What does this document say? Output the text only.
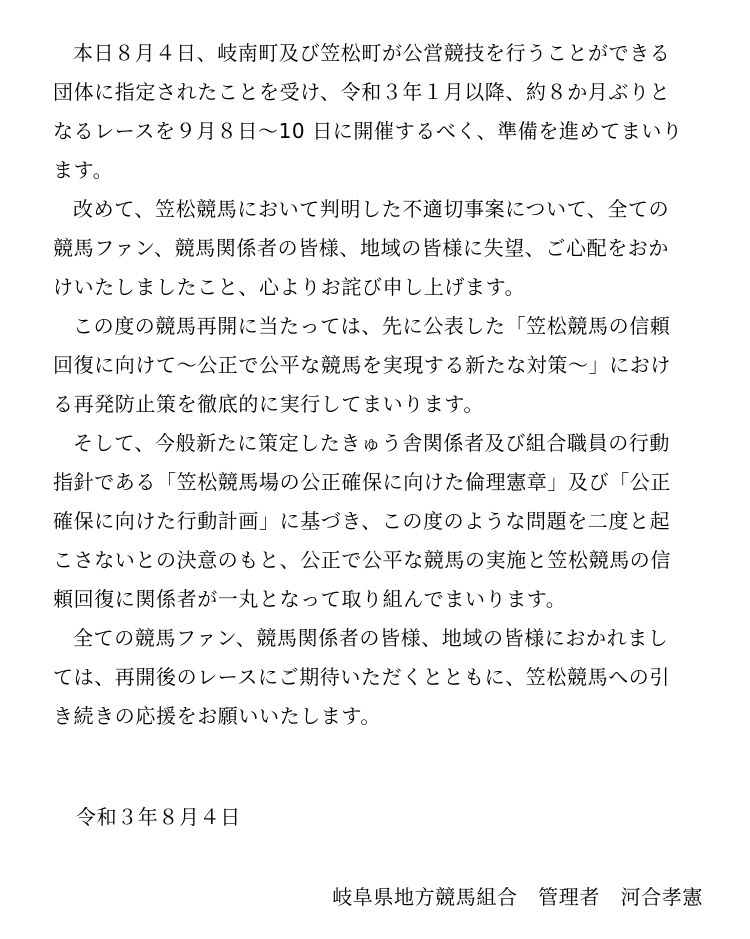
本日８月４日、岐南町及び笠松町が公営競技を行うことができる
団体に指定されたことを受け、令和３年１月以降、約８か月ぶりと
なるレースを９月８日～10 日に開催するべく、準備を進めてまいり
ます。

改めて、笠松競馬において判明した不適切事案について、全ての
競馬ファン、競馬関係者の皆様、地域の皆様に失望、ご心配をおか
けいたしましたこと、心よりお詫び申し上げます。

この度の競馬再開に当たっては、先に公表した「笠松競馬の信頼
回復に向けて～公正で公平な競馬を実現する新たな対策～」におけ
る再発防止策を徹底的に実行してまいります。

そして、今般新たに策定したきゅう舎関係者及び組合職員の行動
指針である「笠松競馬場の公正確保に向けた倫理憲章」及び「公正
確保に向けた行動計画」に基づき、この度のような問題を二度と起
こさないとの決意のもと、公正で公平な競馬の実施と笠松競馬の信
頼回復に関係者が一丸となって取り組んでまいります。

全ての競馬ファン、競馬関係者の皆様、地域の皆様におかれまし
ては、再開後のレースにご期待いただくとともに、笠松競馬への引
き続きの応援をお願いいたします。

令和３年８月４日

岐阜県地方競馬組合　管理者　河合孝憲
